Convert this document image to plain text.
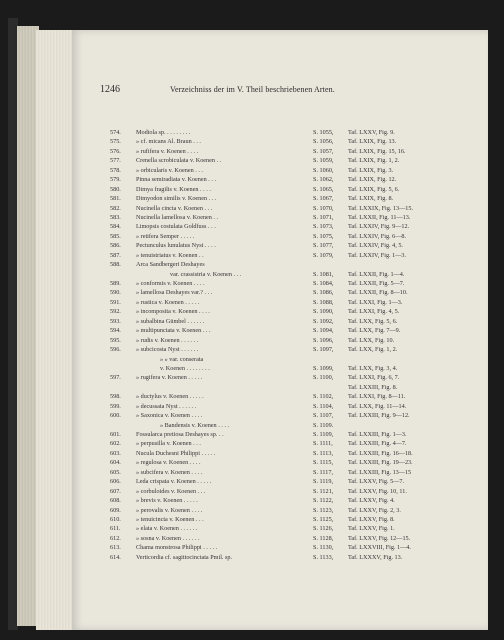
1246	Verzeichniss der im V. Theil beschriebenen Arten.
574.	Modiola sp. . . . . . . . .	S. 1055,	Taf. LXXV, Fig. 9.
575.	» cf. micans Al. Braun . . .	S. 1056,	Taf. LXIX, Fig. 13.
576.	» rufifera v. Koenen . . . .	S. 1057,	Taf. LXIX, Fig. 15, 16.
577.	Crenella scrobiculata v. Koenen . .	S. 1059,	Taf. LXIX, Fig. 1, 2.
578.	» orbicularis v. Koenen . . .	S. 1060,	Taf. LXIX, Fig. 3.
579.	Pinna semiradiata v. Koenen . . .	S. 1062,	Taf. LXIX, Fig. 12.
580.	Dimya fragilis v. Koenen . . . .	S. 1065,	Taf. LXIX, Fig. 5, 6.
581.	Dimyodon similis v. Koenen . . .	S. 1067,	Taf. LXIX, Fig. 8.
582.	Nucinella cincta v. Koenen . . .	S. 1070,	Taf. LXXIX, Fig. 13—15.
583.	Nucinella lamellosa v. Koenen . .	S. 1071,	Taf. LXXII, Fig. 11—13.
584.	Limopsis costulata Goldfuss . . .	S. 1073,	Taf. LXXIV, Fig. 9—12.
585.	» retifera Semper . . . . .	S. 1075,	Taf. LXXIV, Fig. 6—8.
586.	Pectunculus lunulatus Nyst . . . .	S. 1077,	Taf. LXXIV, Fig. 4, 5.
587.	» tenuistriatus v. Koenen . .	S. 1079,	Taf. LXXIV, Fig. 1—3.
588.	Arca Sandbergeri Deshayes
var. crassistria v. Koenen . . .	S. 1081,	Taf. LXXII, Fig. 1—4.
589.	» conformis v. Koenen . . . .	S. 1084,	Taf. LXXII, Fig. 5—7.
590.	» lamellosa Deshayes var.? . . .	S. 1086,	Taf. LXXII, Fig. 8—10.
591.	» rustica v. Koenen . . . . .	S. 1088,	Taf. LXXI, Fig. 1—3.
592.	» incompositа v. Koenen . . . .	S. 1090,	Taf. LXXI, Fig. 4, 5.
593.	» subalbina Gümbel . . . . . .	S. 1092,	Taf. LXX, Fig. 5, 6.
594.	» multipunctata v. Koenen . . .	S. 1094,	Taf. LXX, Fig. 7—9.
595.	» rudis v. Koenen . . . . . .	S. 1096,	Taf. LXX, Fig. 10.
596.	» subcicosta Nyst . . . . . .	S. 1097,	Taf. LXX, Fig. 1, 2.
» » var. conserata
v. Koenen . . . . . . . .	S. 1099,	Taf. LXX, Fig. 3, 4.
597.	» rugifera v. Koenen . . . . .	S. 1100,	Taf. LXXI, Fig. 6, 7.
Taf. LXXIII, Fig. 8.
598.	» ductylus v. Koenen . . . . .	S. 1102,	Taf. LXXI, Fig. 8—11.
599.	» decussata Nyst . . . . . .	S. 1104,	Taf. LXX, Fig. 11—14.
600.	» Saxonica v. Koenen . . . .	S. 1107,	Taf. LXXIII, Fig. 9—12.
» Bandensis v. Koenen . . . .	S. 1109.
601.	Fossularca pretiosa Deshayes sp. . .	S. 1109,	Taf. LXXIII, Fig. 1—3.
602.	» perpusilla v. Koenen . . .	S. 1111,	Taf. LXXIII, Fig. 4—7.
603.	Nucula Duchesni Philippi . . . . .	S. 1113,	Taf. LXXIII, Fig. 16—18.
604.	» regulosa v. Koenen . . . .	S. 1115,	Taf. LXXIII, Fig. 19—23.
605.	» subcifera v. Koenen . . . .	S. 1117,	Taf. LXXIII, Fig. 13—15
606.	Leda crispata v. Koenen . . . . .	S. 1119,	Taf. LXXV, Fig. 5—7.
607.	» corbuloides v. Koenen . . .	S. 1121,	Taf. LXXV, Fig. 10, 11.
608.	» brevis v. Koenen . . . . .	S. 1122,	Taf. LXXV, Fig. 4.
609.	» perovalis v. Koenen . . . .	S. 1123,	Taf. LXXV, Fig. 2, 3.
610.	» tenuicincta v. Koenen . . .	S. 1125,	Taf. LXXV, Fig. 8.
611.	» elata v. Koenen . . . . . .	S. 1126,	Taf. LXXV, Fig. 1.
612.	» sosna v. Koenen . . . . . .	S. 1128,	Taf. LXXV, Fig. 12—15.
613.	Chama monstrosa Philippi . . . . .	S. 1130,	Taf. LXXVIII, Fig. 1—4.
614.	Verticordia cf. sagittocinctata Pmil. sp.	S. 1133,	Taf. LXXXV, Fig. 13.
